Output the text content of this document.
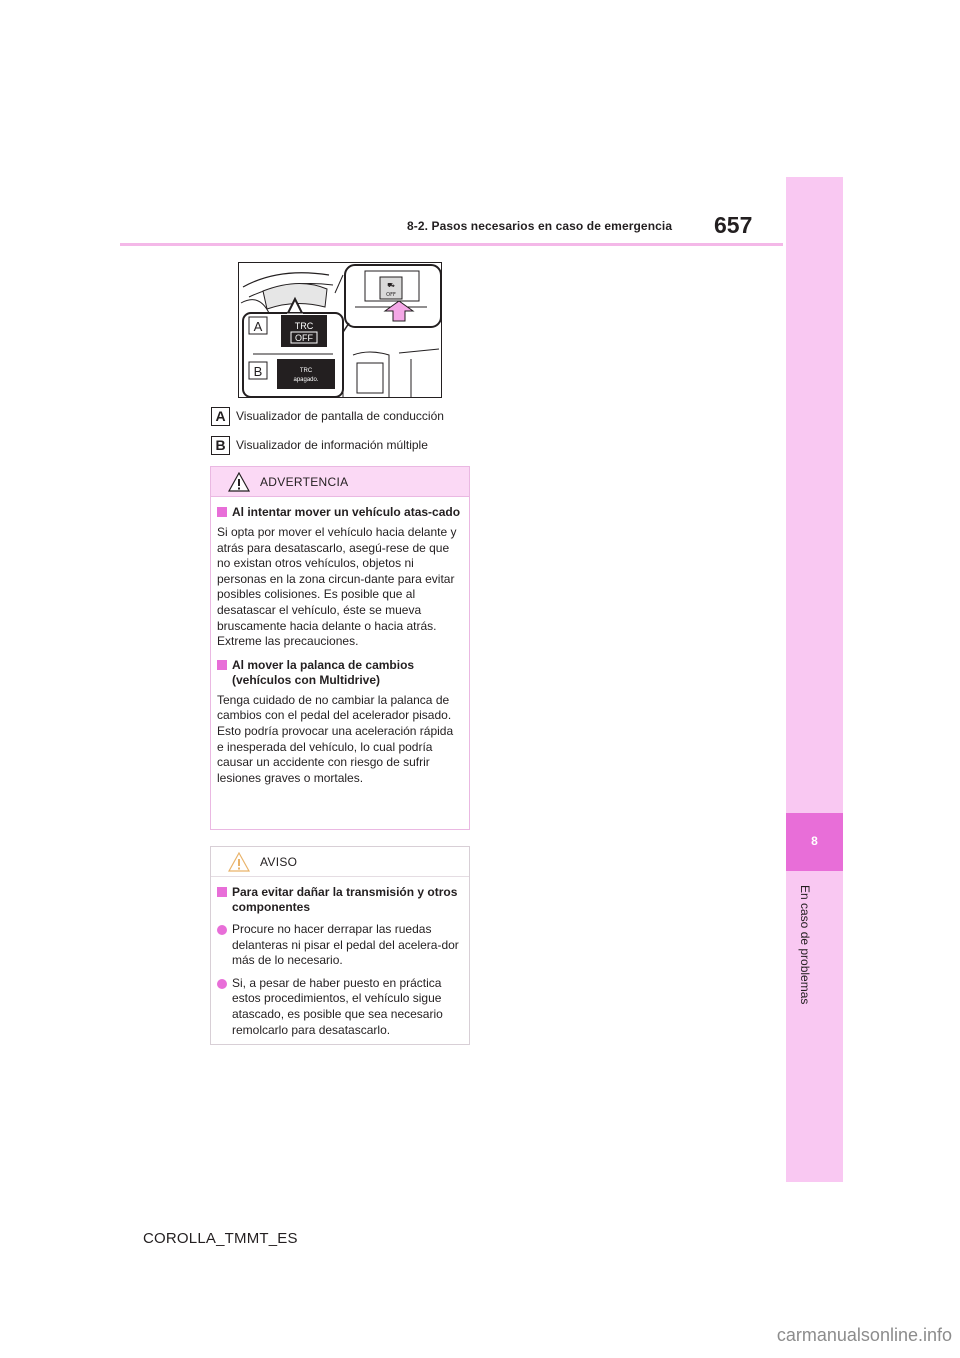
8-2. Pasos necesarios en caso de emergencia 657
8
En caso de problemas
⛟
OFF
A	TRC
OFF
B	TRC
apagado.
A Visualizador de pantalla de conducción
B Visualizador de información múltiple
ADVERTENCIA
Al intentar mover un vehículo atas-cado
Si opta por mover el vehículo hacia delante y atrás para desatascarlo, asegú-rese de que no existan otros vehículos, objetos ni personas en la zona circun-dante para evitar posibles colisiones. Es posible que al desatascar el vehículo, éste se mueva bruscamente hacia delante o hacia atrás. Extreme las precauciones.
Al mover la palanca de cambios (vehículos con Multidrive)
Tenga cuidado de no cambiar la palanca de cambios con el pedal del acelerador pisado.
Esto podría provocar una aceleración rápida e inesperada del vehículo, lo cual podría causar un accidente con riesgo de sufrir lesiones graves o mortales.
AVISO
Para evitar dañar la transmisión y otros componentes
Procure no hacer derrapar las ruedas delanteras ni pisar el pedal del acelera-dor más de lo necesario.
Si, a pesar de haber puesto en práctica estos procedimientos, el vehículo sigue atascado, es posible que sea necesario remolcarlo para desatascarlo.
COROLLA_TMMT_ES
carmanualsonline.info
